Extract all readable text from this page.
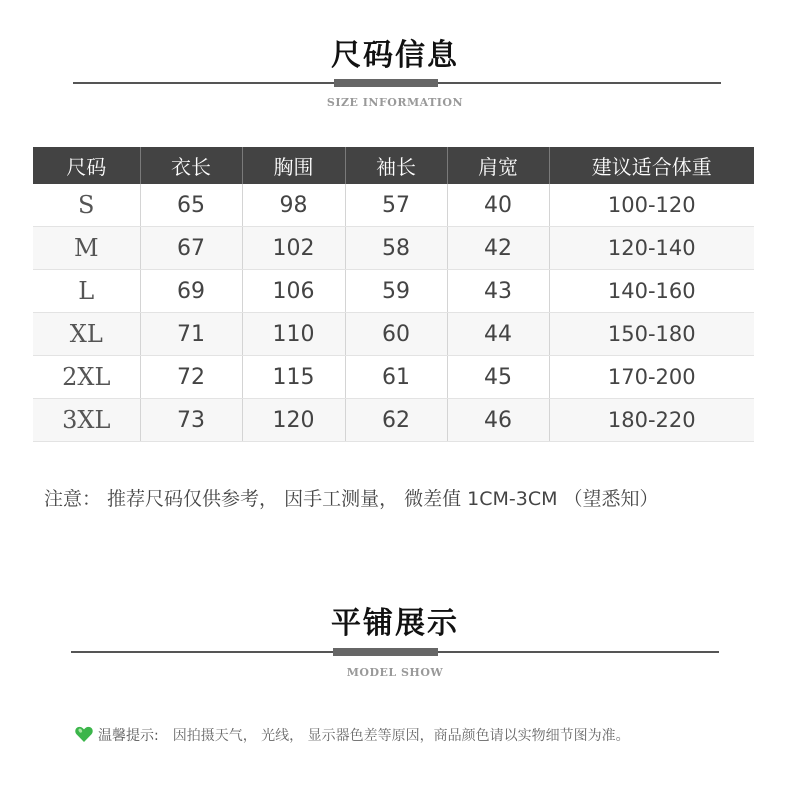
尺码信息
SIZE INFORMATION
尺码	衣长	胸围	袖长	肩宽	建议适合体重
S	65	98	57	40	100-120
M	67	102	58	42	120-140
L	69	106	59	43	140-160
XL	71	110	60	44	150-180
2XL	72	115	61	45	170-200
3XL	73	120	62	46	180-220
注意： 推荐尺码仅供参考， 因手工测量， 微差值 1CM-3CM （望悉知）
平铺展示
MODEL SHOW
温馨提示: 因拍摄天气， 光线， 显示器色差等原因，商品颜色请以实物细节图为准。
